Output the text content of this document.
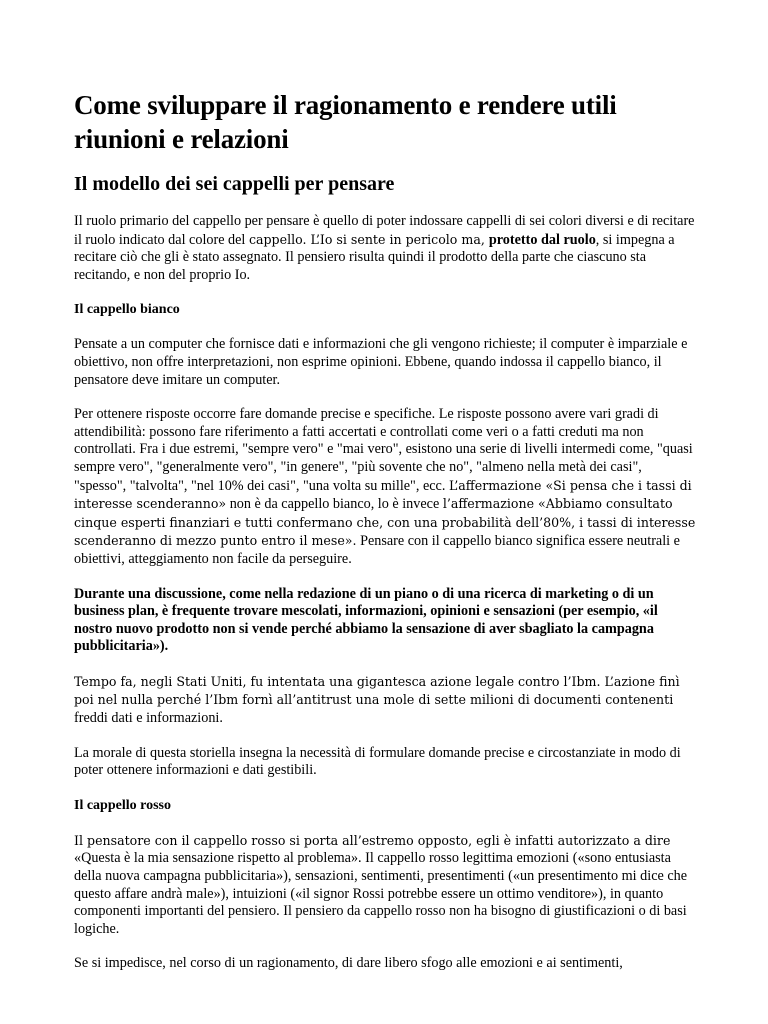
Come sviluppare il ragionamento e rendere utili riunioni e relazioni
Il modello dei sei cappelli per pensare

Il ruolo primario del cappello per pensare è quello di poter indossare cappelli di sei colori diversi e di recitare il ruolo indicato dal colore del cappello. L’Io si sente in pericolo ma, protetto dal ruolo, si impegna a recitare ciò che gli è stato assegnato. Il pensiero risulta quindi il prodotto della parte che ciascuno sta recitando, e non del proprio Io.

Il cappello bianco

Pensate a un computer che fornisce dati e informazioni che gli vengono richieste; il computer è imparziale e obiettivo, non offre interpretazioni, non esprime opinioni. Ebbene, quando indossa il cappello bianco, il pensatore deve imitare un computer.

Per ottenere risposte occorre fare domande precise e specifiche. Le risposte possono avere vari gradi di attendibilità: possono fare riferimento a fatti accertati e controllati come veri o a fatti creduti ma non controllati. Fra i due estremi, "sempre vero" e "mai vero", esistono una serie di livelli intermedi come, "quasi sempre vero", "generalmente vero", "in genere", "più sovente che no", "almeno nella metà dei casi", "spesso", "talvolta", "nel 10% dei casi", "una volta su mille", ecc. L’affermazione «Si pensa che i tassi di interesse scenderanno» non è da cappello bianco, lo è invece l’affermazione «Abbiamo consultato cinque esperti finanziari e tutti confermano che, con una probabilità dell’80%, i tassi di interesse scenderanno di mezzo punto entro il mese». Pensare con il cappello bianco significa essere neutrali e obiettivi, atteggiamento non facile da perseguire.

Durante una discussione, come nella redazione di un piano o di una ricerca di marketing o di un business plan, è frequente trovare mescolati, informazioni, opinioni e sensazioni (per esempio, «il nostro nuovo prodotto non si vende perché abbiamo la sensazione di aver sbagliato la campagna pubblicitaria»).

Tempo fa, negli Stati Uniti, fu intentata una gigantesca azione legale contro l’Ibm. L’azione finì poi nel nulla perché l’Ibm fornì all’antitrust una mole di sette milioni di documenti contenenti freddi dati e informazioni.

La morale di questa storiella insegna la necessità di formulare domande precise e circostanziate in modo di poter ottenere informazioni e dati gestibili.

Il cappello rosso

Il pensatore con il cappello rosso si porta all’estremo opposto, egli è infatti autorizzato a dire «Questa è la mia sensazione rispetto al problema». Il cappello rosso legittima emozioni («sono entusiasta della nuova campagna pubblicitaria»), sensazioni, sentimenti, presentimenti («un presentimento mi dice che questo affare andrà male»), intuizioni («il signor Rossi potrebbe essere un ottimo venditore»), in quanto componenti importanti del pensiero. Il pensiero da cappello rosso non ha bisogno di giustificazioni o di basi logiche.

Se si impedisce, nel corso di un ragionamento, di dare libero sfogo alle emozioni e ai sentimenti,
